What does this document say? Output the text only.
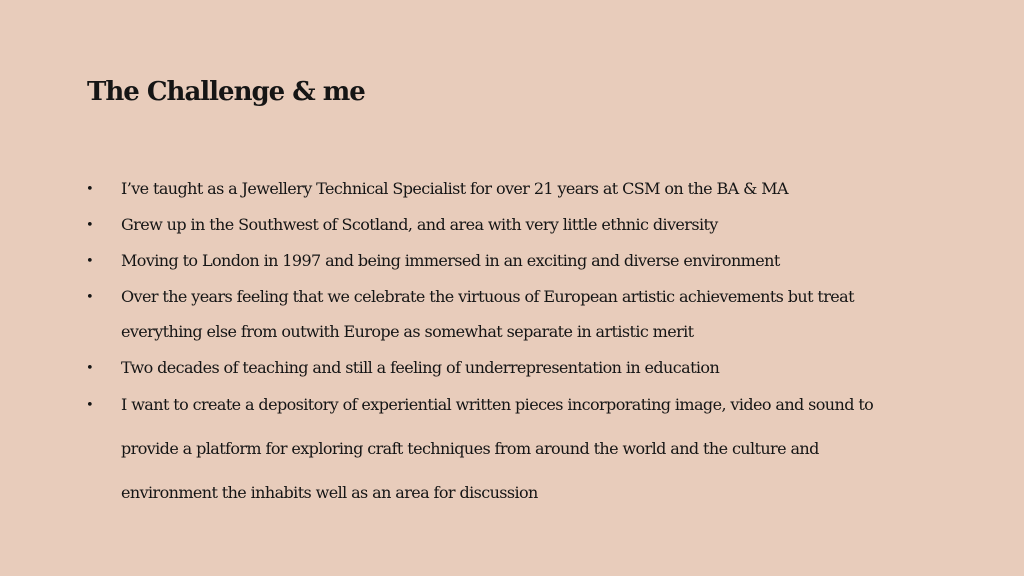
The Challenge & me
• I’ve taught as a Jewellery Technical Specialist for over 21 years at CSM on the BA & MA
• Grew up in the Southwest of Scotland, and area with very little ethnic diversity
• Moving to London in 1997 and being immersed in an exciting and diverse environment
• Over the years feeling that we celebrate the virtuous of European artistic achievements but treat
everything else from outwith Europe as somewhat separate in artistic merit
• Two decades of teaching and still a feeling of underrepresentation in education
• I want to create a depository of experiential written pieces incorporating image, video and sound to
provide a platform for exploring craft techniques from around the world and the culture and
environment the inhabits well as an area for discussion
